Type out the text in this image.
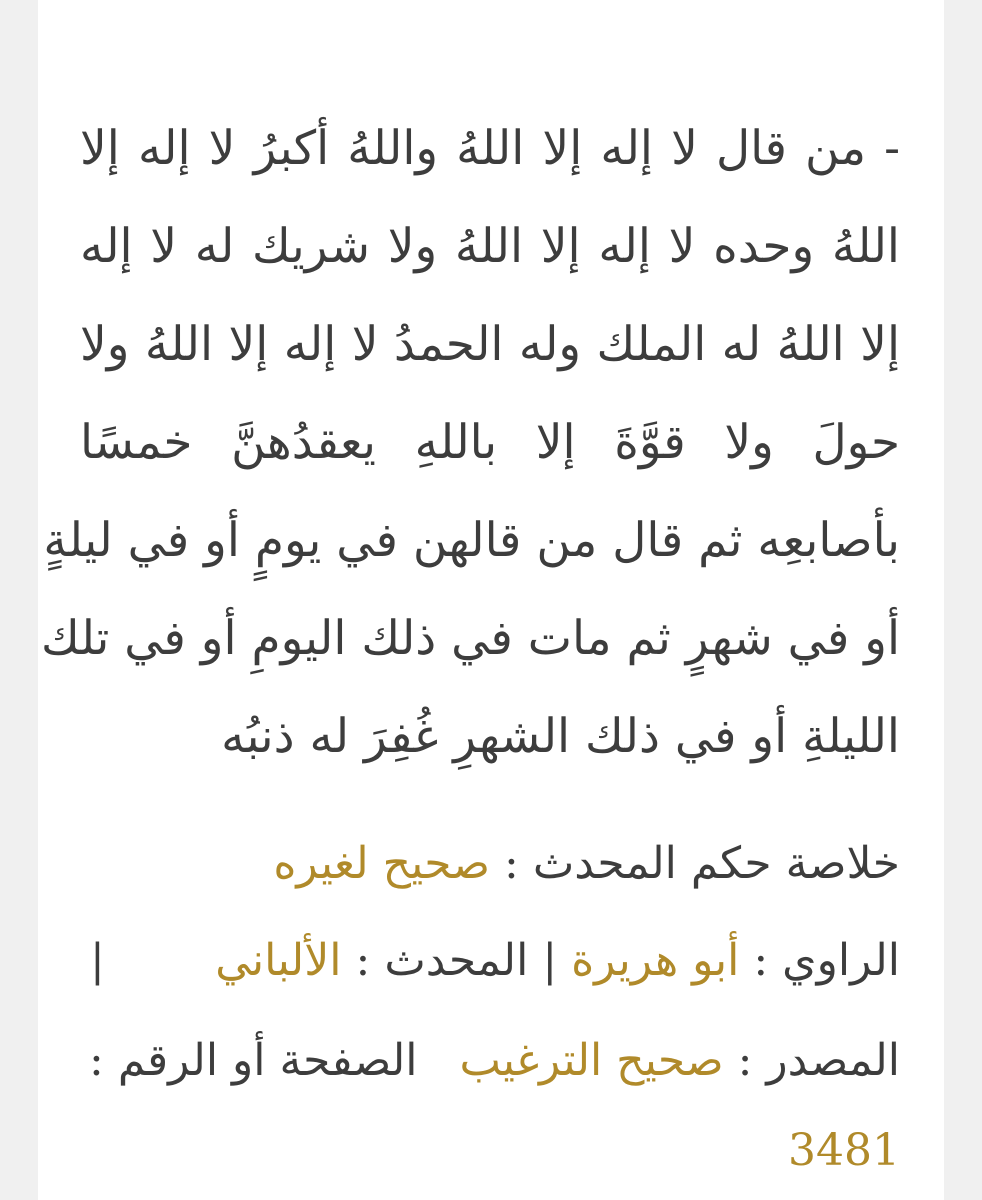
- من قال لا إله إلا اللهُ واللهُ أكبرُ لا إله إلا
اللهُ وحده لا إله إلا اللهُ ولا شريك له لا إله
إلا اللهُ له الملك وله الحمدُ لا إله إلا اللهُ ولا
حولَ ولا قوَّةَ إلا باللهِ يعقدُهنَّ خمسًا
بأصابعِه ثم قال من قالهن في يومٍ أو في ليلةٍ
أو في شهرٍ ثم مات في ذلك اليومِ أو في تلك
الليلةِ أو في ذلك الشهرِ غُفِرَ له ذنبُه
خلاصة حكم المحدث : صحيح لغيره
الراوي : أبو هريرة | المحدث : الألباني
|
المصدر : صحيح الترغيب   الصفحة أو الرقم :
3481
